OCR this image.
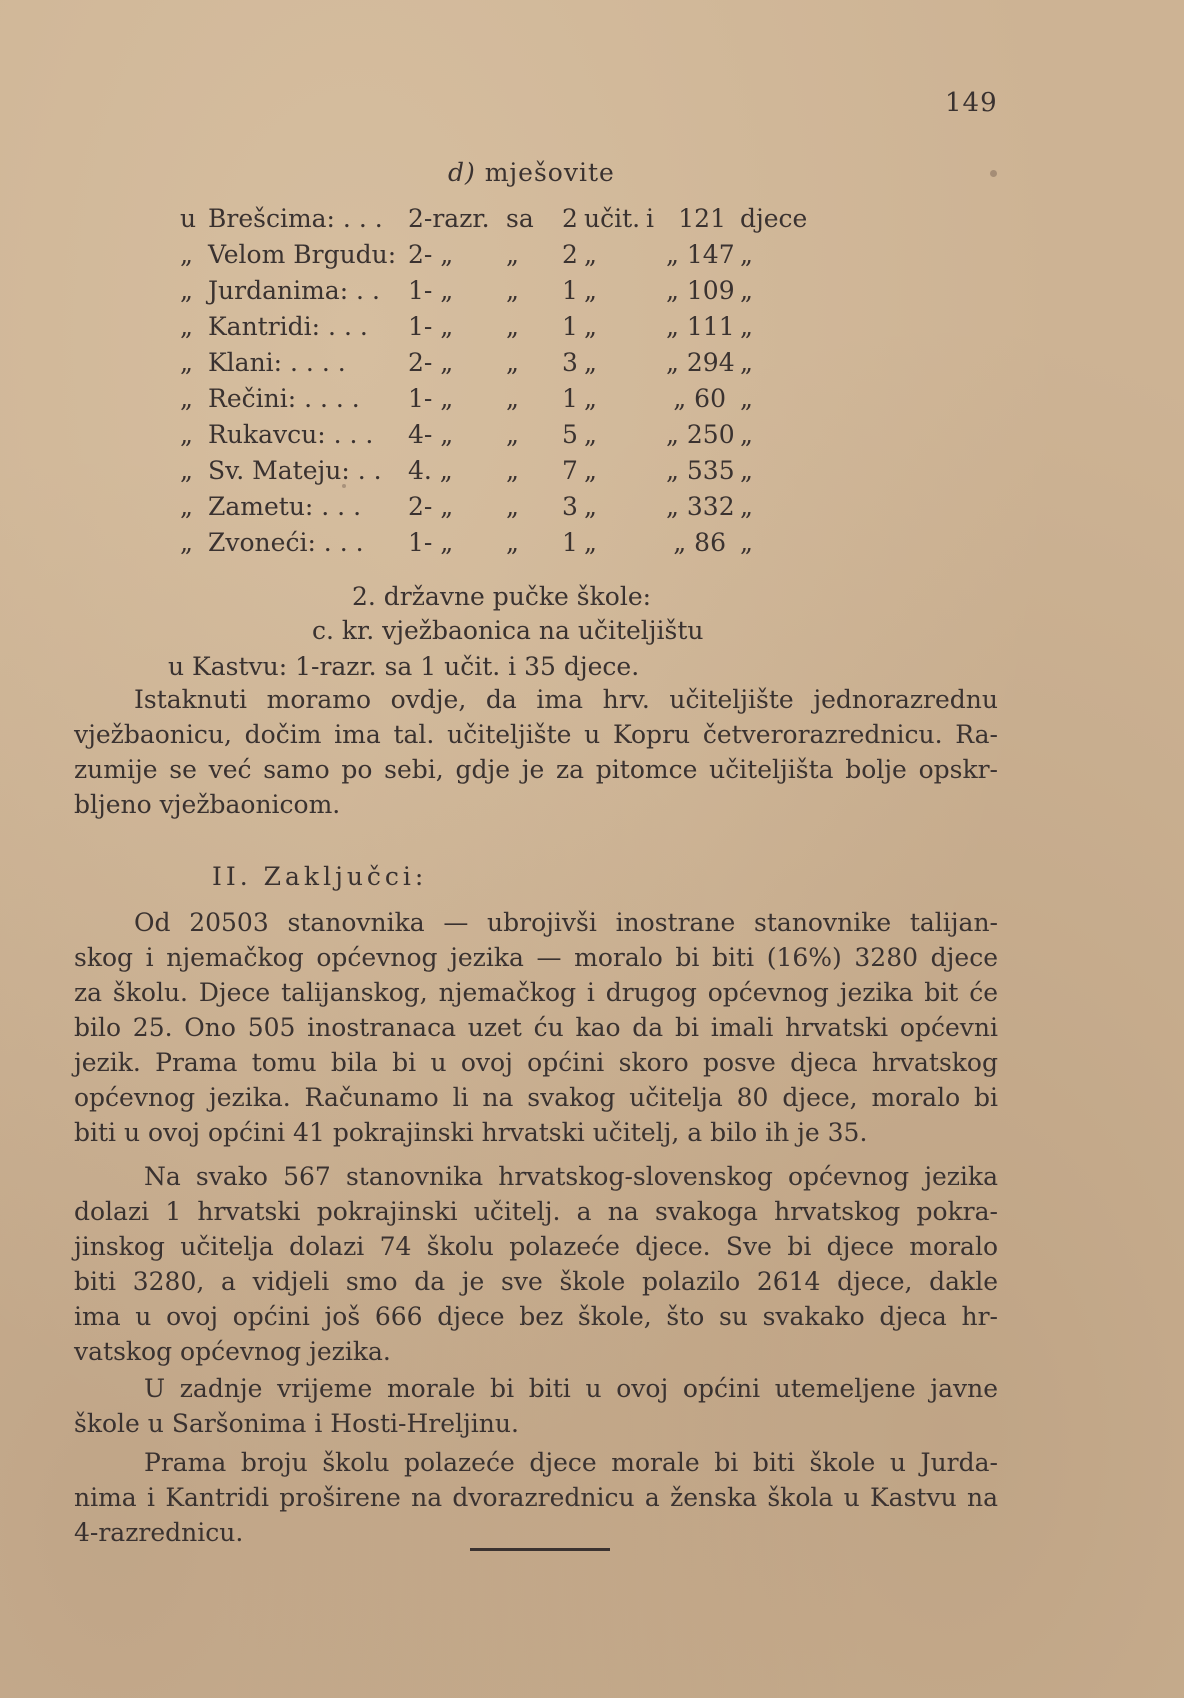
149
d) mješovite
u Brešcima: . . . 2-razr. sa	2 učit. i 121 djece
„ Velom Brgudu: 2- „ „	2 „	„ 147 „
„ Jurdanima: . . 1- „ „	1 „	„ 109 „
„ Kantridi: . . . 1- „ „	1 „	„ 111 „
„ Klani: . . . . 2- „ „	3 „	„ 294 „
„ Rečini: . . . . 1- „ „	1 „	„ 60 „
„ Rukavcu: . . . 4- „ „	5 „	„ 250 „
„ Sv. Mateju: . . 4. „ „	7 „	„ 535 „
„ Zametu: . . . 2- „ „	3 „	„ 332 „
„ Zvoneći: . . . 1- „ „	1 „	„ 86 „
2. državne pučke škole:
c. kr. vježbaonica na učiteljištu
u Kastvu: 1-razr. sa 1 učit. i 35 djece.
Istaknuti moramo ovdje, da ima hrv. učiteljište jednorazrednu
vježbaonicu, dočim ima tal. učiteljište u Kopru četverorazrednicu. Ra-
zumije se već samo po sebi, gdje je za pitomce učiteljišta bolje opskr-
bljeno vježbaonicom.
II. Zaključci:
Od 20503 stanovnika — ubrojivši inostrane stanovnike talijan-
skog i njemačkog općevnog jezika — moralo bi biti (16%) 3280 djece
za školu. Djece talijanskog, njemačkog i drugog općevnog jezika bit će
bilo 25. Ono 505 inostranaca uzet ću kao da bi imali hrvatski općevni
jezik. Prama tomu bila bi u ovoj općini skoro posve djeca hrvatskog
općevnog jezika. Računamo li na svakog učitelja 80 djece, moralo bi
biti u ovoj općini 41 pokrajinski hrvatski učitelj, a bilo ih je 35.
Na svako 567 stanovnika hrvatskog-slovenskog općevnog jezika
dolazi 1 hrvatski pokrajinski učitelj. a na svakoga hrvatskog pokra-
jinskog učitelja dolazi 74 školu polazeće djece. Sve bi djece moralo
biti 3280, a vidjeli smo da je sve škole polazilo 2614 djece, dakle
ima u ovoj općini još 666 djece bez škole, što su svakako djeca hr-
vatskog općevnog jezika.
U zadnje vrijeme morale bi biti u ovoj općini utemeljene javne
škole u Saršonima i Hosti-Hreljinu.
Prama broju školu polazeće djece morale bi biti škole u Jurda-
nima i Kantridi proširene na dvorazrednicu a ženska škola u Kastvu na
4-razrednicu.
